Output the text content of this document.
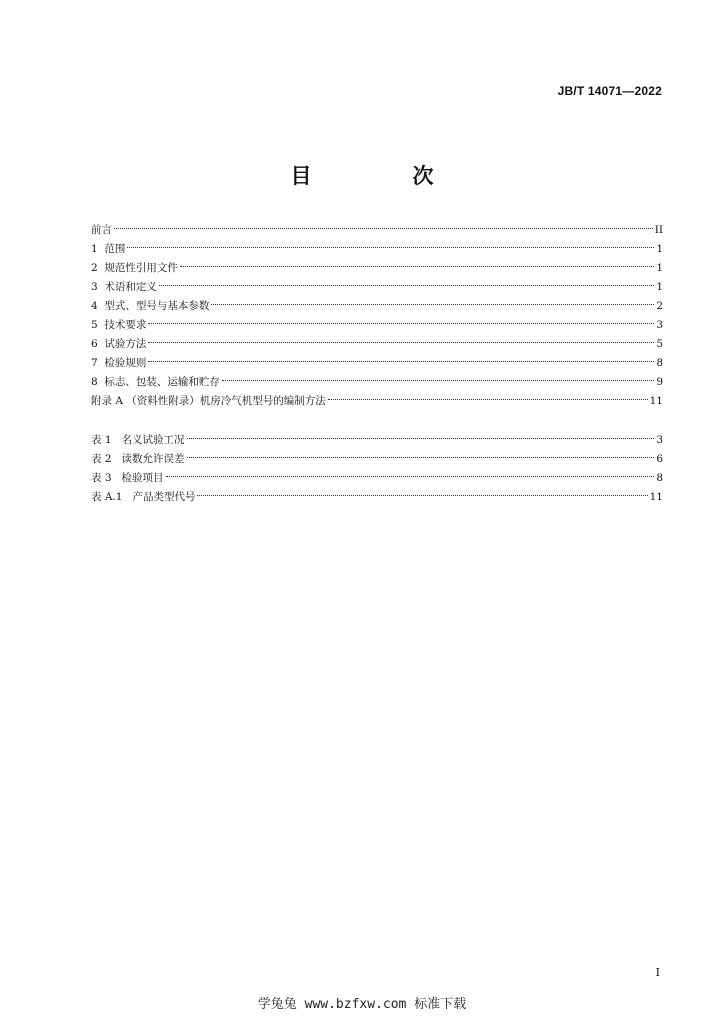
JB/T 14071—2022
目　次
前言	II
1  范围	1
2  规范性引用文件	1
3  术语和定义	1
4  型式、型号与基本参数	2
5  技术要求	3
6  试验方法	5
7  检验规则	8
8  标志、包装、运输和贮存	9
附录 A （资料性附录）机房冷气机型号的编制方法	11
表 1   名义试验工况	3
表 2   读数允许误差	6
表 3   检验项目	8
表 A.1   产品类型代号	11
I
学兔兔 www.bzfxw.com 标准下载
